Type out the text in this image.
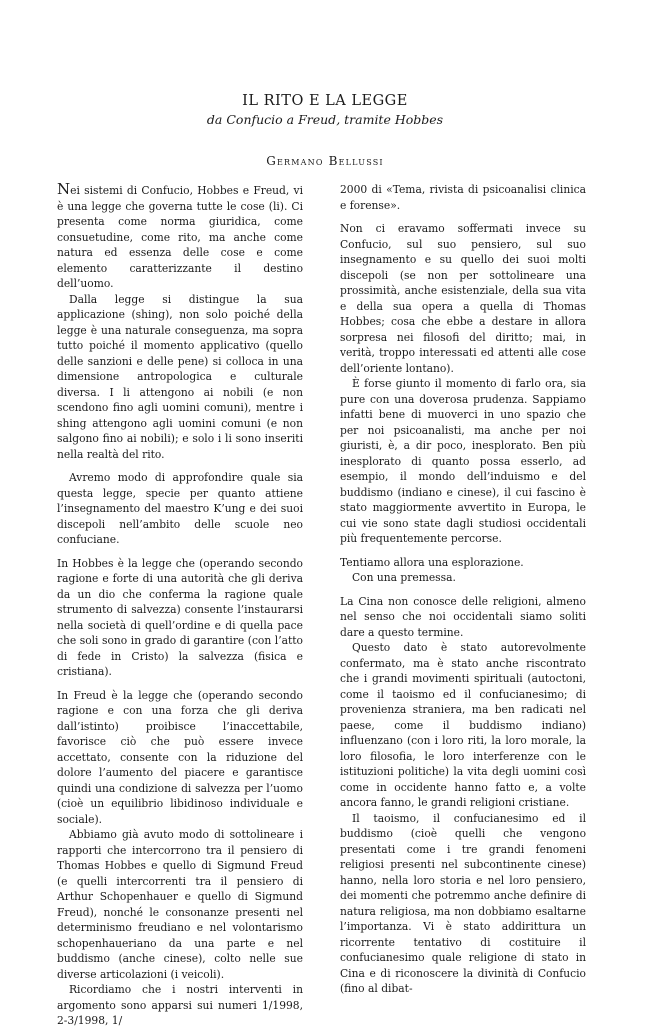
IL RITO E LA LEGGE
da Confucio a Freud, tramite Hobbes
Germano Bellussi

Nei sistemi di Confucio, Hobbes e Freud, vi è una legge che governa tutte le cose (li). Ci presenta come norma giuridica, come consuetudine, come rito, ma anche come natura ed essenza delle cose e come elemento caratterizzante il destino dell’uomo.

Dalla legge si distingue la sua applicazione (shing), non solo poiché della legge è una naturale conseguenza, ma sopra tutto poiché il momento applicativo (quello delle sanzioni e delle pene) si colloca in una dimensione antropologica e culturale diversa. I li attengono ai nobili (e non scendono fino agli uomini comuni), mentre i shing attengono agli uomini comuni (e non salgono fino ai nobili); e solo i li sono inseriti nella realtà del rito.

Avremo modo di approfondire quale sia questa legge, specie per quanto attiene l’insegnamento del maestro K’ung e dei suoi discepoli nell’ambito delle scuole neo confuciane.

In Hobbes è la legge che (operando secondo ragione e forte di una autorità che gli deriva da un dio che conferma la ragione quale strumento di salvezza) consente l’instaurarsi nella società di quell’ordine e di quella pace che soli sono in grado di garantire (con l’atto di fede in Cristo) la salvezza (fisica e cristiana).

In Freud è la legge che (operando secondo ragione e con una forza che gli deriva dall’istinto) proibisce l’inaccettabile, favorisce ciò che può essere invece accettato, consente con la riduzione del dolore l’aumento del piacere e garantisce quindi una condizione di salvezza per l’uomo (cioè un equilibrio libidinoso individuale e sociale).

Abbiamo già avuto modo di sottolineare i rapporti che intercorrono tra il pensiero di Thomas Hobbes e quello di Sigmund Freud (e quelli intercorrenti tra il pensiero di Arthur Schopenhauer e quello di Sigmund Freud), nonché le consonanze presenti nel determinismo freudiano e nel volontarismo schopenhaueriano da una parte e nel buddismo (anche cinese), colto nelle sue diverse articolazioni (i veicoli).

Ricordiamo che i nostri interventi in argomento sono apparsi sui numeri 1/1998, 2-3/1998, 1/

2000 di «Tema, rivista di psicoanalisi clinica e forense».

Non ci eravamo soffermati invece su Confucio, sul suo pensiero, sul suo insegnamento e su quello dei suoi molti discepoli (se non per sottolineare una prossimità, anche esistenziale, della sua vita e della sua opera a quella di Thomas Hobbes; cosa che ebbe a destare in allora sorpresa nei filosofi del diritto; mai, in verità, troppo interessati ed attenti alle cose dell’oriente lontano).

È forse giunto il momento di farlo ora, sia pure con una doverosa prudenza. Sappiamo infatti bene di muoverci in uno spazio che per noi psicoanalisti, ma anche per noi giuristi, è, a dir poco, inesplorato. Ben più inesplorato di quanto possa esserlo, ad esempio, il mondo dell’induismo e del buddismo (indiano e cinese), il cui fascino è stato maggiormente avvertito in Europa, le cui vie sono state dagli studiosi occidentali più frequentemente percorse.

Tentiamo allora una esplorazione.

Con una premessa.

La Cina non conosce delle religioni, almeno nel senso che noi occidentali siamo soliti dare a questo termine.

Questo dato è stato autorevolmente confermato, ma è stato anche riscontrato che i grandi movimenti spirituali (autoctoni, come il taoismo ed il confucianesimo; di provenienza straniera, ma ben radicati nel paese, come il buddismo indiano) influenzano (con i loro riti, la loro morale, la loro filosofia, le loro interferenze con le istituzioni politiche) la vita degli uomini così come in occidente hanno fatto e, a volte ancora fanno, le grandi religioni cristiane.

Il taoismo, il confucianesimo ed il buddismo (cioè quelli che vengono presentati come i tre grandi fenomeni religiosi presenti nel subcontinente cinese) hanno, nella loro storia e nel loro pensiero, dei momenti che potremmo anche definire di natura religiosa, ma non dobbiamo esaltarne l’importanza. Vi è stato addirittura un ricorrente tentativo di costituire il confucianesimo quale religione di stato in Cina e di riconoscere la divinità di Confucio (fino al dibat-
